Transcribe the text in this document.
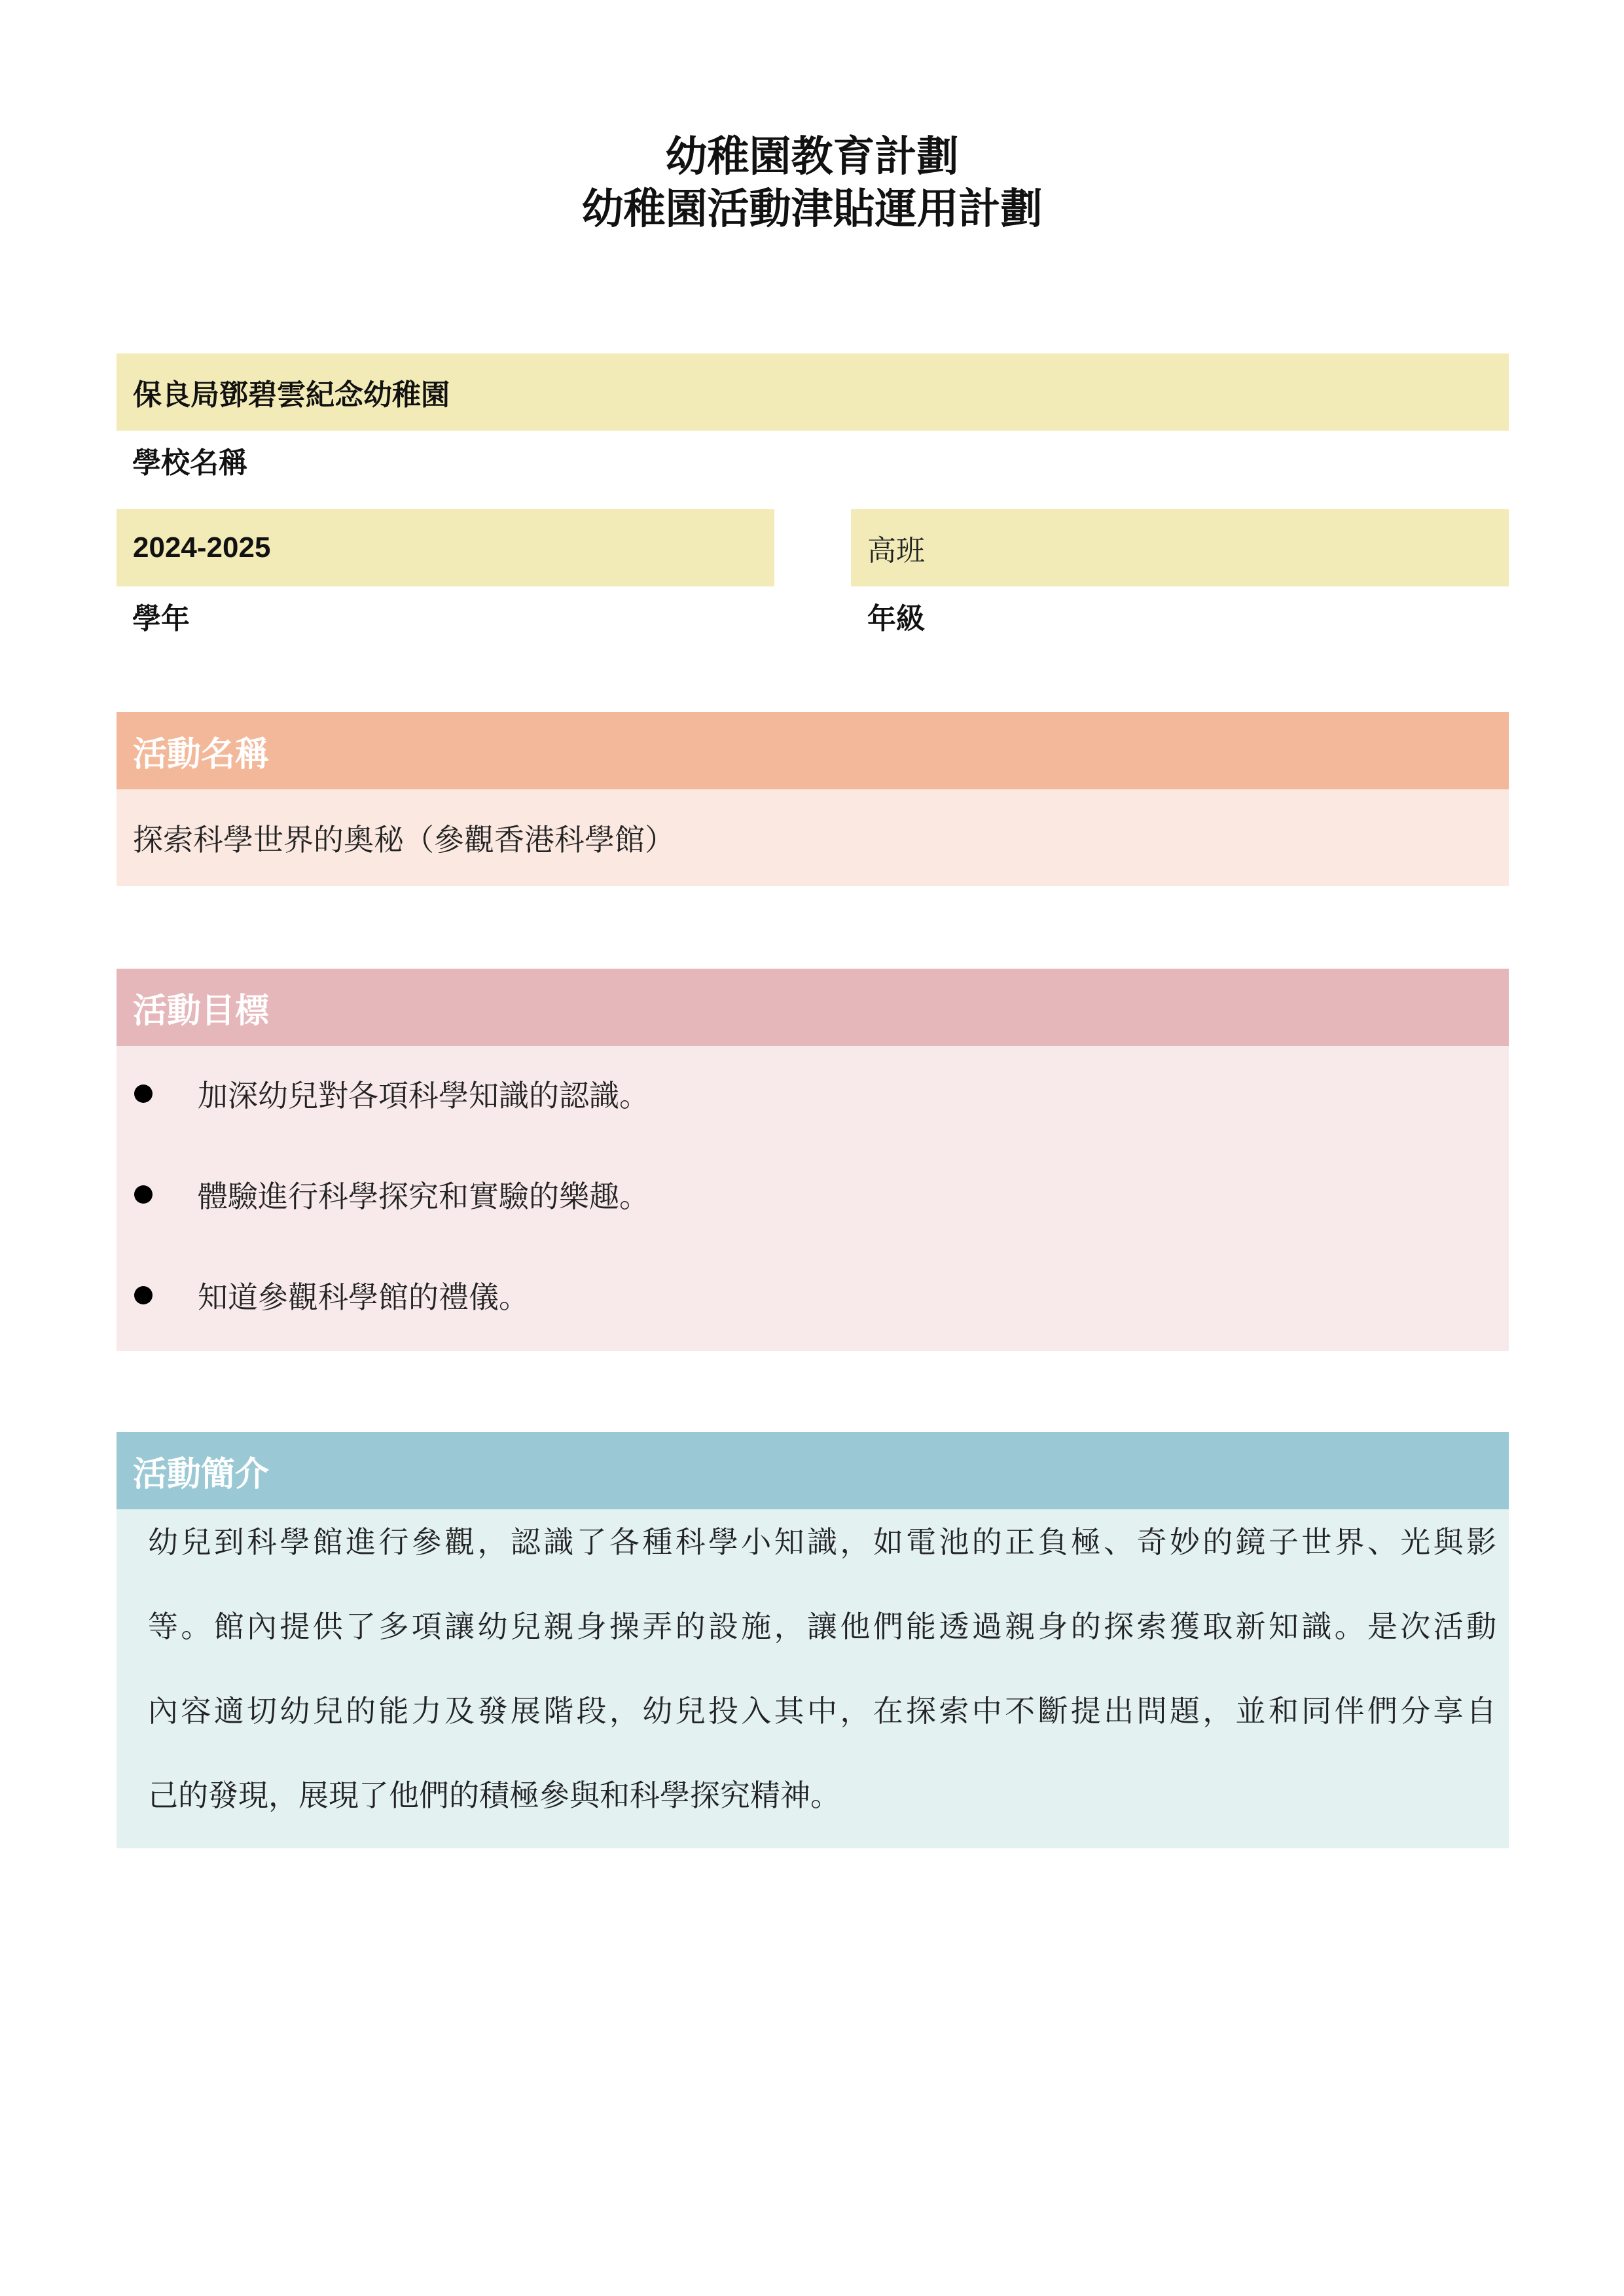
幼稚園教育計劃
幼稚園活動津貼運用計劃
保良局鄧碧雲紀念幼稚園
學校名稱
2024-2025
學年
高班
年級
活動名稱
探索科學世界的奧秘（參觀香港科學館）
活動目標
加深幼兒對各項科學知識的認識。
體驗進行科學探究和實驗的樂趣。
知道參觀科學館的禮儀。
活動簡介
幼兒到科學館進行參觀，認識了各種科學小知識，如電池的正負極、奇妙的鏡子世界、光與影
等。館內提供了多項讓幼兒親身操弄的設施，讓他們能透過親身的探索獲取新知識。是次活動
內容適切幼兒的能力及發展階段，幼兒投入其中，在探索中不斷提出問題，並和同伴們分享自
己的發現，展現了他們的積極參與和科學探究精神。
